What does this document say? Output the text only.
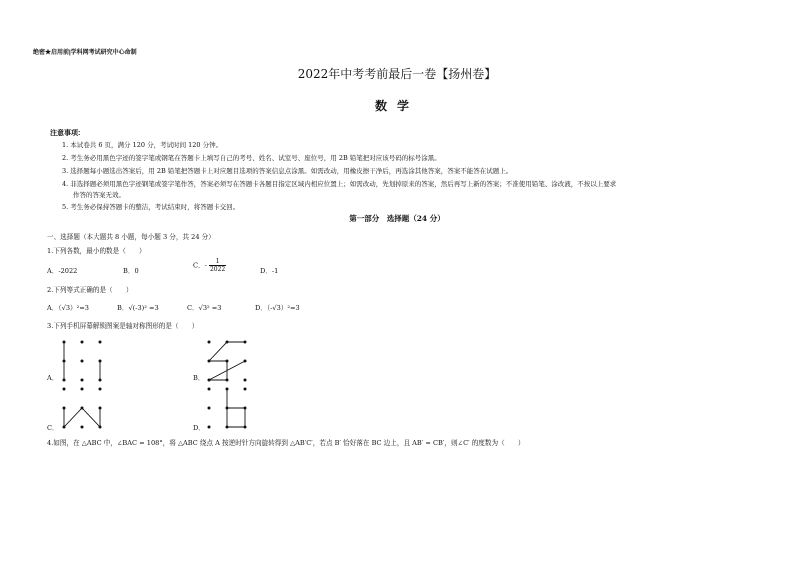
绝密★启用前|学科网考试研究中心命制
2022年中考考前最后一卷【扬州卷】
数学
注意事项:
1. 本试卷共 6 页，满分 120 分，考试时间 120 分钟。
2. 考生务必用黑色字迹的签字笔或钢笔在答题卡上填写自己的考号、姓名、试室号、座位号，用 2B 铅笔把对应该号码的标号涂黑。
3. 选择题每小题选出答案后，用 2B 铅笔把答题卡上对应题目选项的答案信息点涂黑。如需改动，用橡皮擦干净后，再选涂其他答案，答案不能答在试题上。
4. 非选择题必须用黑色字迹钢笔或签字笔作答，答案必须写在答题卡各题目指定区域内相应位置上；如需改动，先划掉原来的答案，然后再写上新的答案；不准使用铅笔、涂改液，不按以上要求
作答的答案无效。
5. 考生务必保持答题卡的整洁，考试结束时，将答题卡交回。
第一部分　选择题（24 分）
一、选择题（本大题共 8 小题，每小题 3 分，共 24 分）
1.下列各数，最小的数是（　　）
A．-2022	B．0
C．- $\frac{1}{2022}$	D．-1
2.下列等式正确的是（　　）
A．（√3）²=3	B．√(-3)² =3	C．√3² =3	D．（-√3）²=3
3.下列手机屏幕解锁图案是轴对称图形的是（　　）
A．	B．
C．	D．
4.如图，在 △ABC 中，∠BAC = 108°，将 △ABC 绕点 A 按逆时针方向旋转得到 △AB′C′，若点 B′ 恰好落在 BC 边上，且 AB′ = CB′，则∠C′ 的度数为（　　）
